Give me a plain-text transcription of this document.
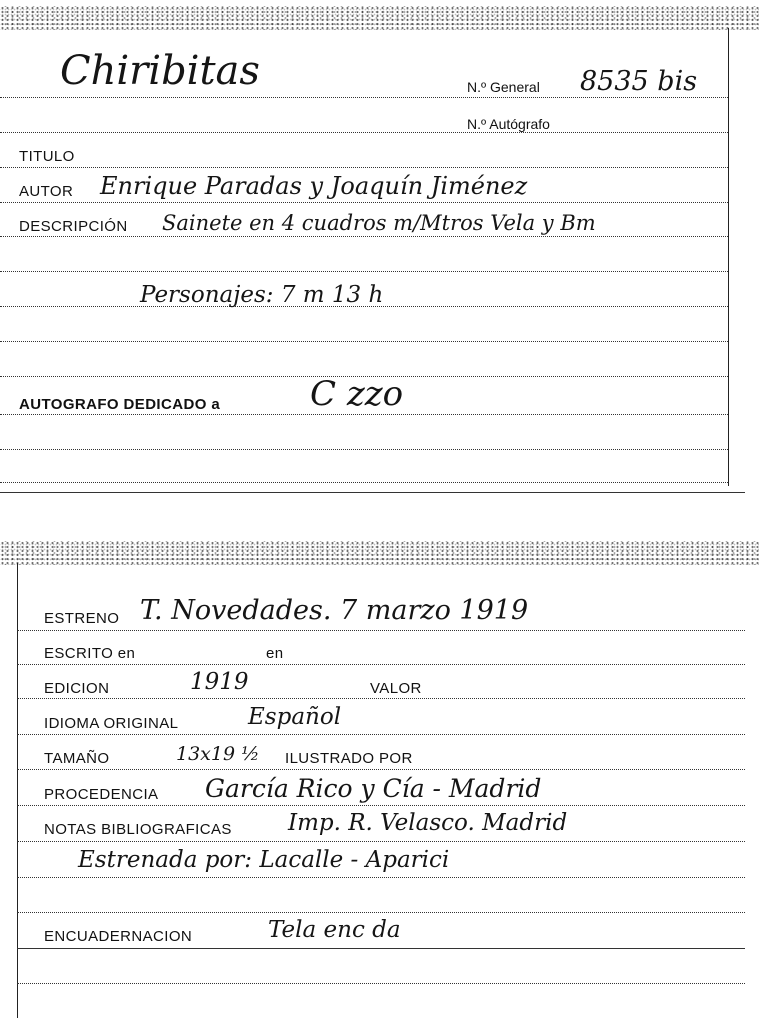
Chiribitas	N.º General 8535 bis
N.º Autógrafo
TITULO
AUTOR Enrique Paradas y Joaquín Jiménez
DESCRIPCIÓN Sainete en 4 cuadros m/Mtros Vela y Bm
Personajes: 7 m 13 h
AUTOGRAFO DEDICADO a	C zzo
ESTRENO T. Novedades. 7 marzo 1919
ESCRITO en	en
EDICION	1919	VALOR
IDIOMA ORIGINAL	Español
TAMAÑO	13x19 ½ ILUSTRADO POR
PROCEDENCIA García Rico y Cía - Madrid
NOTAS BIBLIOGRAFICAS Imp. R. Velasco. Madrid
Estrenada por: Lacalle - Aparici
ENCUADERNACION	Tela enc da
